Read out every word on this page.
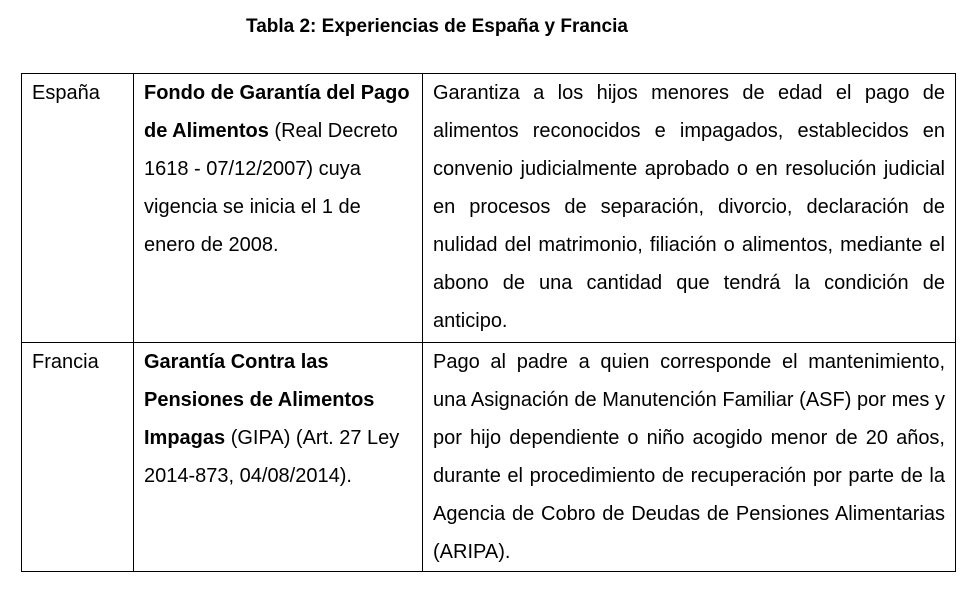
Tabla 2: Experiencias de España y Francia
España	Fondo de Garantía del Pago de Alimentos (Real Decreto 1618 - 07/12/2007) cuya vigencia se inicia el 1 de enero de 2008.	Garantiza a los hijos menores de edad el pago de alimentos reconocidos e impagados, establecidos en convenio judicialmente aprobado o en resolución judicial en procesos de separación, divorcio, declaración de nulidad del matrimonio, filiación o alimentos, mediante el abono de una cantidad que tendrá la condición de anticipo.

Francia	Garantía Contra las Pensiones de Alimentos Impagas (GIPA) (Art. 27 Ley 2014-873, 04/08/2014).	Pago al padre a quien corresponde el mantenimiento, una Asignación de Manutención Familiar (ASF) por mes y por hijo dependiente o niño acogido menor de 20 años, durante el procedimiento de recuperación por parte de la Agencia de Cobro de Deudas de Pensiones Alimentarias (ARIPA).
